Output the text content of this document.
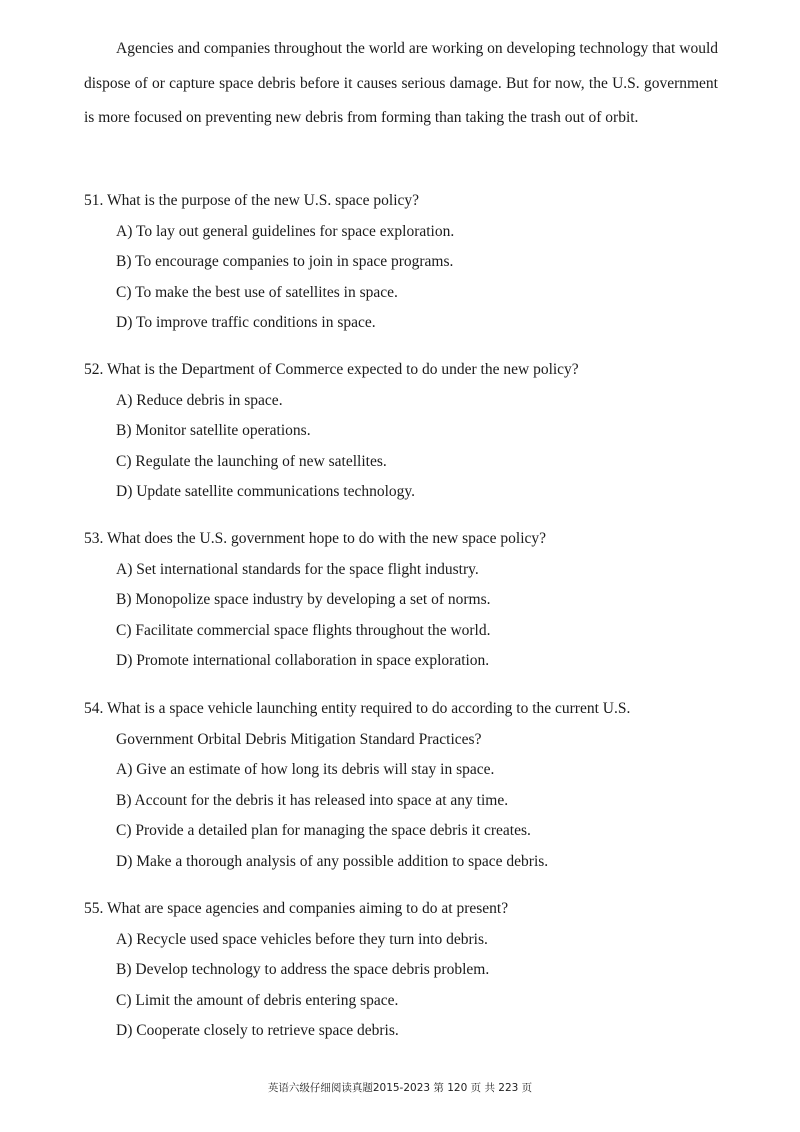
Agencies and companies throughout the world are working on developing technology that would dispose of or capture space debris before it causes serious damage. But for now, the U.S. government is more focused on preventing new debris from forming than taking the trash out of orbit.

51. What is the purpose of the new U.S. space policy?

A) To lay out general guidelines for space exploration.

B) To encourage companies to join in space programs.

C) To make the best use of satellites in space.

D) To improve traffic conditions in space.

52. What is the Department of Commerce expected to do under the new policy?

A) Reduce debris in space.

B) Monitor satellite operations.

C) Regulate the launching of new satellites.

D) Update satellite communications technology.

53. What does the U.S. government hope to do with the new space policy?

A) Set international standards for the space flight industry.

B) Monopolize space industry by developing a set of norms.

C) Facilitate commercial space flights throughout the world.

D) Promote international collaboration in space exploration.

54. What is a space vehicle launching entity required to do according to the current U.S.
Government Orbital Debris Mitigation Standard Practices?

A) Give an estimate of how long its debris will stay in space.

B) Account for the debris it has released into space at any time.

C) Provide a detailed plan for managing the space debris it creates.

D) Make a thorough analysis of any possible addition to space debris.

55. What are space agencies and companies aiming to do at present?

A) Recycle used space vehicles before they turn into debris.

B) Develop technology to address the space debris problem.

C) Limit the amount of debris entering space.

D) Cooperate closely to retrieve space debris.

英语六级仔细阅读真题2015-2023 第 120 页 共 223 页
